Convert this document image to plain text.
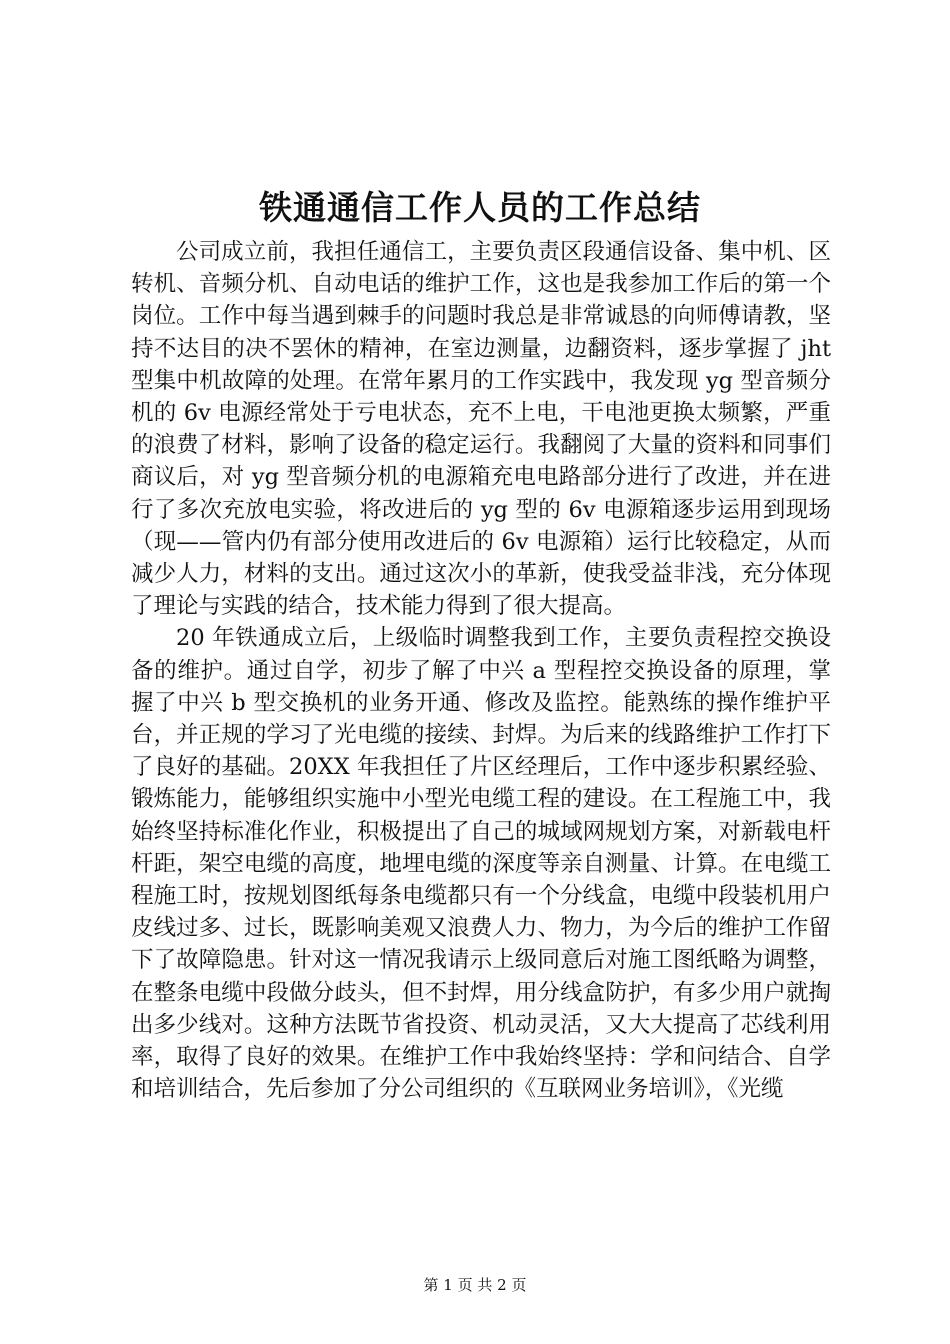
铁通通信工作人员的工作总结

公司成立前，我担任通信工，主要负责区段通信设备、集中机、区转机、音频分机、自动电话的维护工作，这也是我参加工作后的第一个岗位。工作中每当遇到棘手的问题时我总是非常诚恳的向师傅请教，坚持不达目的决不罢休的精神，在室边测量，边翻资料，逐步掌握了 jht 型集中机故障的处理。在常年累月的工作实践中，我发现 yg 型音频分机的 6v 电源经常处于亏电状态，充不上电，干电池更换太频繁，严重的浪费了材料，影响了设备的稳定运行。我翻阅了大量的资料和同事们商议后，对 yg 型音频分机的电源箱充电电路部分进行了改进，并在进行了多次充放电实验，将改进后的 yg 型的 6v 电源箱逐步运用到现场（现——管内仍有部分使用改进后的 6v 电源箱）运行比较稳定，从而减少人力，材料的支出。通过这次小的革新，使我受益非浅，充分体现了理论与实践的结合，技术能力得到了很大提高。

20 年铁通成立后，上级临时调整我到工作，主要负责程控交换设备的维护。通过自学，初步了解了中兴 a 型程控交换设备的原理，掌握了中兴 b 型交换机的业务开通、修改及监控。能熟练的操作维护平台，并正规的学习了光电缆的接续、封焊。为后来的线路维护工作打下了良好的基础。20XX 年我担任了片区经理后，工作中逐步积累经验、锻炼能力，能够组织实施中小型光电缆工程的建设。在工程施工中，我始终坚持标准化作业，积极提出了自己的城域网规划方案，对新载电杆杆距，架空电缆的高度，地埋电缆的深度等亲自测量、计算。在电缆工程施工时，按规划图纸每条电缆都只有一个分线盒，电缆中段装机用户皮线过多、过长，既影响美观又浪费人力、物力，为今后的维护工作留下了故障隐患。针对这一情况我请示上级同意后对施工图纸略为调整，在整条电缆中段做分歧头，但不封焊，用分线盒防护，有多少用户就掏出多少线对。这种方法既节省投资、机动灵活，又大大提高了芯线利用率，取得了良好的效果。在维护工作中我始终坚持：学和问结合、自学和培训结合，先后参加了分公司组织的《互联网业务培训》，《光缆

第 1 页 共 2 页
